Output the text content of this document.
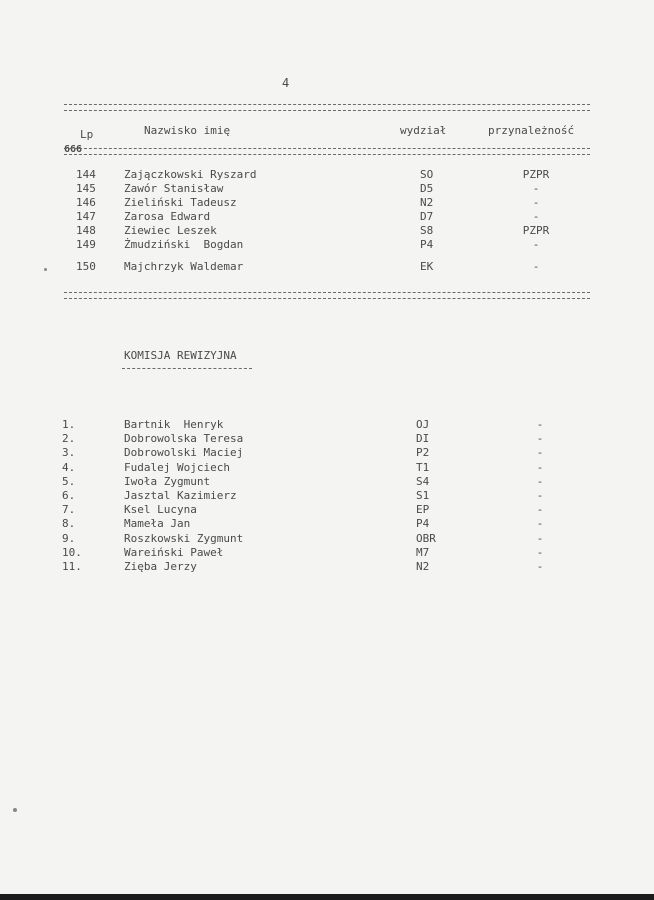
4
Lp	Nazwisko imię	wydział	przynależność
666
144	Zajączkowski Ryszard	SO	PZPR
145	Zawór Stanisław	D5	-
146	Zieliński Tadeusz	N2	-
147	Zarosa Edward	D7	-
148	Ziewiec Leszek	S8	PZPR
149	Żmudziński  Bogdan	P4	-
150	Majchrzyk Waldemar	EK	-
KOMISJA REWIZYJNA
1.	Bartnik  Henryk	OJ	-
2.	Dobrowolska Teresa	DI	-
3.	Dobrowolski Maciej	P2	-
4.	Fudalej Wojciech	T1	-
5.	Iwoła Zygmunt	S4	-
6.	Jasztal Kazimierz	S1	-
7.	Ksel Lucyna	EP	-
8.	Mameła Jan	P4	-
9.	Roszkowski Zygmunt	OBR	-
10.	Wareiński Paweł	M7	-
11.	Zięba Jerzy	N2	-
